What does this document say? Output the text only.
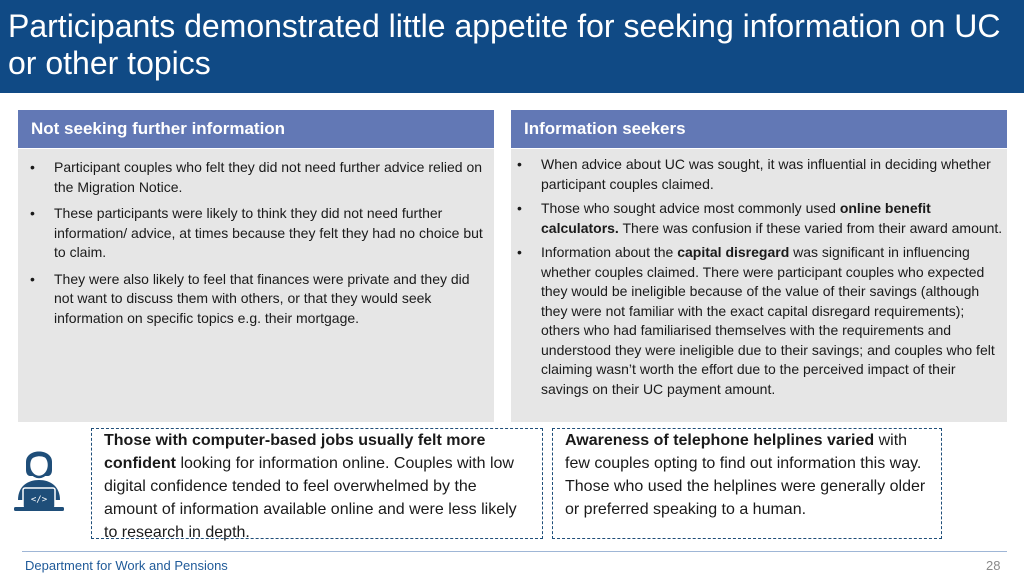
Participants demonstrated little appetite for seeking information on UC or other topics
Not seeking further information
• Participant couples who felt they did not need further advice relied on the Migration Notice.
• These participants were likely to think they did not need further information/ advice, at times because they felt they had no choice but to claim.
• They were also likely to feel that finances were private and they did not want to discuss them with others, or that they would seek information on specific topics e.g. their mortgage.
Information seekers
• When advice about UC was sought, it was influential in deciding whether participant couples claimed.
• Those who sought advice most commonly used online benefit calculators. There was confusion if these varied from their award amount.
• Information about the capital disregard was significant in influencing whether couples claimed. There were participant couples who expected they would be ineligible because of the value of their savings (although they were not familiar with the exact capital disregard requirements); others who had familiarised themselves with the requirements and understood they were ineligible due to their savings; and couples who felt claiming wasn’t worth the effort due to the perceived impact of their savings on their UC payment amount.
</>

Those with computer-based jobs usually felt more confident looking for information online. Couples with low digital confidence tended to feel overwhelmed by the amount of information available online and were less likely to research in depth.

Awareness of telephone helplines varied with few couples opting to find out information this way. Those who used the helplines were generally older or preferred speaking to a human.

Department for Work and Pensions	28
